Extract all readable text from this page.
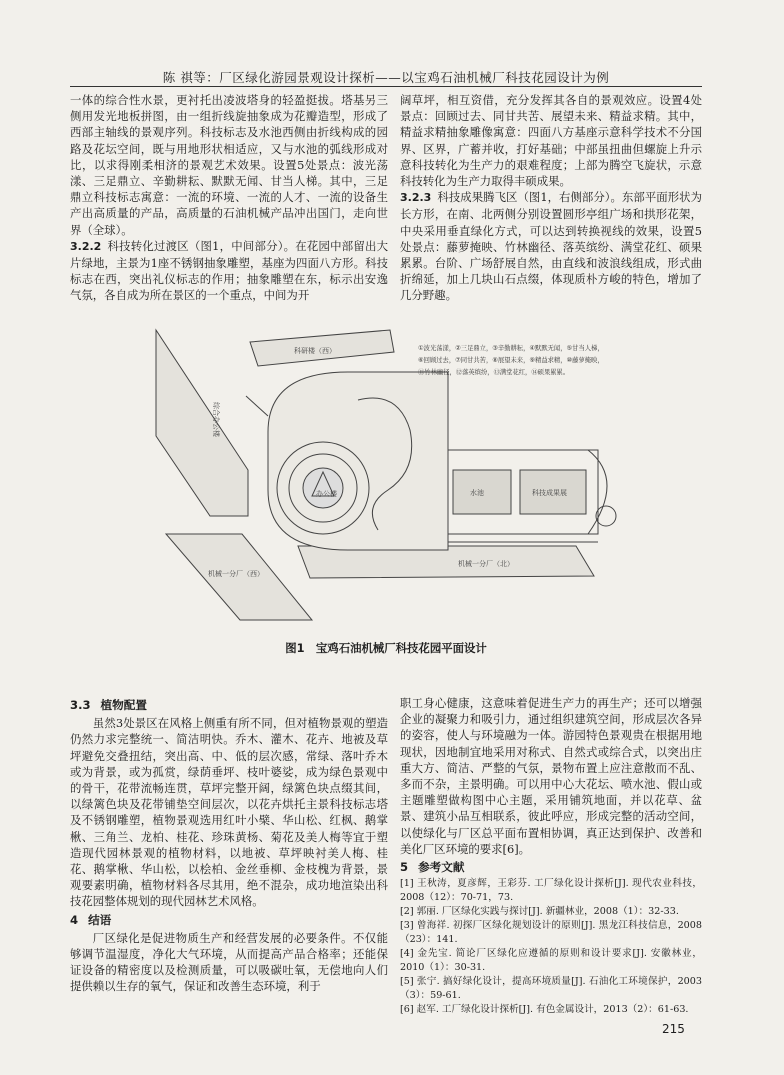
陈 祺等：厂区绿化游园景观设计探析——以宝鸡石油机械厂科技花园设计为例

一体的综合性水景，更衬托出凌波塔身的轻盈挺拔。塔基另三侧用发光地板拼图，由一组折线旋抽象成为花瓣造型，形成了西部主轴线的景观序列。科技标志及水池西侧由折线构成的园路及花坛空间，既与用地形状相适应，又与水池的弧线形成对比，以求得刚柔相济的景观艺术效果。设置5处景点：波光荡漾、三足鼎立、辛勤耕耘、默默无闻、甘当人梯。其中，三足鼎立科技标志寓意：一流的环境、一流的人才、一流的设备生产出高质量的产品，高质量的石油机械产品冲出国门，走向世界（全球）。

3.2.2 科技转化过渡区（图1，中间部分）。在花园中部留出大片绿地，主景为1座不锈钢抽象雕塑，基座为四面八方形。科技标志在西，突出礼仪标志的作用；抽象雕塑在东，标示出安逸气氛，各自成为所在景区的一个重点，中间为开

阔草坪，相互资借，充分发挥其各自的景观效应。设置4处景点：回顾过去、同甘共苦、展望未来、精益求精。其中，精益求精抽象雕像寓意：四面八方基座示意科学技术不分国界、区界，广蓄并收，打好基础；中部虽扭曲但螺旋上升示意科技转化为生产力的艰难程度；上部为腾空飞旋状，示意科技转化为生产力取得丰硕成果。

3.2.3 科技成果腾飞区（图1，右侧部分）。东部平面形状为长方形，在南、北两侧分别设置圆形亭组广场和拱形花架，中央采用垂直绿化方式，可以达到转换视线的效果，设置5处景点：藤萝掩映、竹林幽径、落英缤纷、满堂花红、硕果累累。台阶、广场舒展自然，由直线和波浪线组成，形式曲折绵延，加上几块山石点缀，体现质朴方峻的特色，增加了几分野趣。

①波光荡漾，②三足鼎立，③辛勤耕耘，④默默无闻，⑤甘当人梯，
⑥回顾过去，⑦同甘共苦，⑧展望未来，⑨精益求精，⑩藤萝掩映，
⑪竹林幽径，⑫落英缤纷，⑬满堂花红，⑭硕果累累。
科研楼（西）
综合办公楼
办公楼	水池	科技成果展
机械一分厂（北）
机械一分厂（西）
图1　宝鸡石油机械厂科技花园平面设计
3.3 植物配置

虽然3处景区在风格上侧重有所不同，但对植物景观的塑造仍然力求完整统一、简洁明快。乔木、灌木、花卉、地被及草坪避免交叠扭结，突出高、中、低的层次感，常绿、落叶乔木或为背景，或为孤赏，绿荫垂坪、枝叶婆娑，成为绿色景观中的骨干，花带流畅连贯，草坪完整开阔，绿篱色块点缀其间，以绿篱色块及花带铺垫空间层次，以花卉烘托主景科技标志塔及不锈钢雕塑，植物景观选用红叶小檗、华山松、红枫、鹅掌楸、三角兰、龙柏、桂花、珍珠黄杨、菊花及美人梅等宜于塑造现代园林景观的植物材料，以地被、草坪映衬美人梅、桂花、鹅掌楸、华山松，以桧柏、金丝垂柳、金枝槐为背景，景观要素明确，植物材料各尽其用，绝不混杂，成功地渲染出科技花园整体规划的现代园林艺术风格。

4 结语

厂区绿化是促进物质生产和经营发展的必要条件。不仅能够调节温湿度，净化大气环境，从而提高产品合格率；还能保证设备的精密度以及检测质量，可以吸碳吐氧，无偿地向人们提供赖以生存的氧气，保证和改善生态环境，利于

职工身心健康，这意味着促进生产力的再生产；还可以增强企业的凝聚力和吸引力，通过组织建筑空间，形成层次各异的姿容，使人与环境融为一体。游园特色景观贵在根据用地现状，因地制宜地采用对称式、自然式或综合式，以突出庄重大方、简洁、严整的气氛，景物布置上应注意散而不乱、多而不杂，主景明确。可以用中心大花坛、喷水池、假山或主题雕塑做构图中心主题，采用铺筑地面，并以花草、盆景、建筑小品互相联系，彼此呼应，形成完整的活动空间，以使绿化与厂区总平面布置相协调，真正达到保护、改善和美化厂区环境的要求[6]。

5 参考文献

[1] 王秋涛，夏彦辉，王彩芬. 工厂绿化设计探析[J]. 现代农业科技，2008（12）：70-71，73.

[2] 郭丽. 厂区绿化实践与探讨[J]. 新疆林业，2008（1）：32-33.

[3] 曾海祥. 初探厂区绿化规划设计的原则[J]. 黑龙江科技信息，2008（23）：141.

[4] 金先宝. 简论厂区绿化应遵循的原则和设计要求[J]. 安徽林业，2010（1）：30-31.

[5] 张宁. 搞好绿化设计，提高环境质量[J]. 石油化工环境保护，2003（3）：59-61.

[6] 赵军. 工厂绿化设计探析[J]. 有色金属设计，2013（2）：61-63.

215
